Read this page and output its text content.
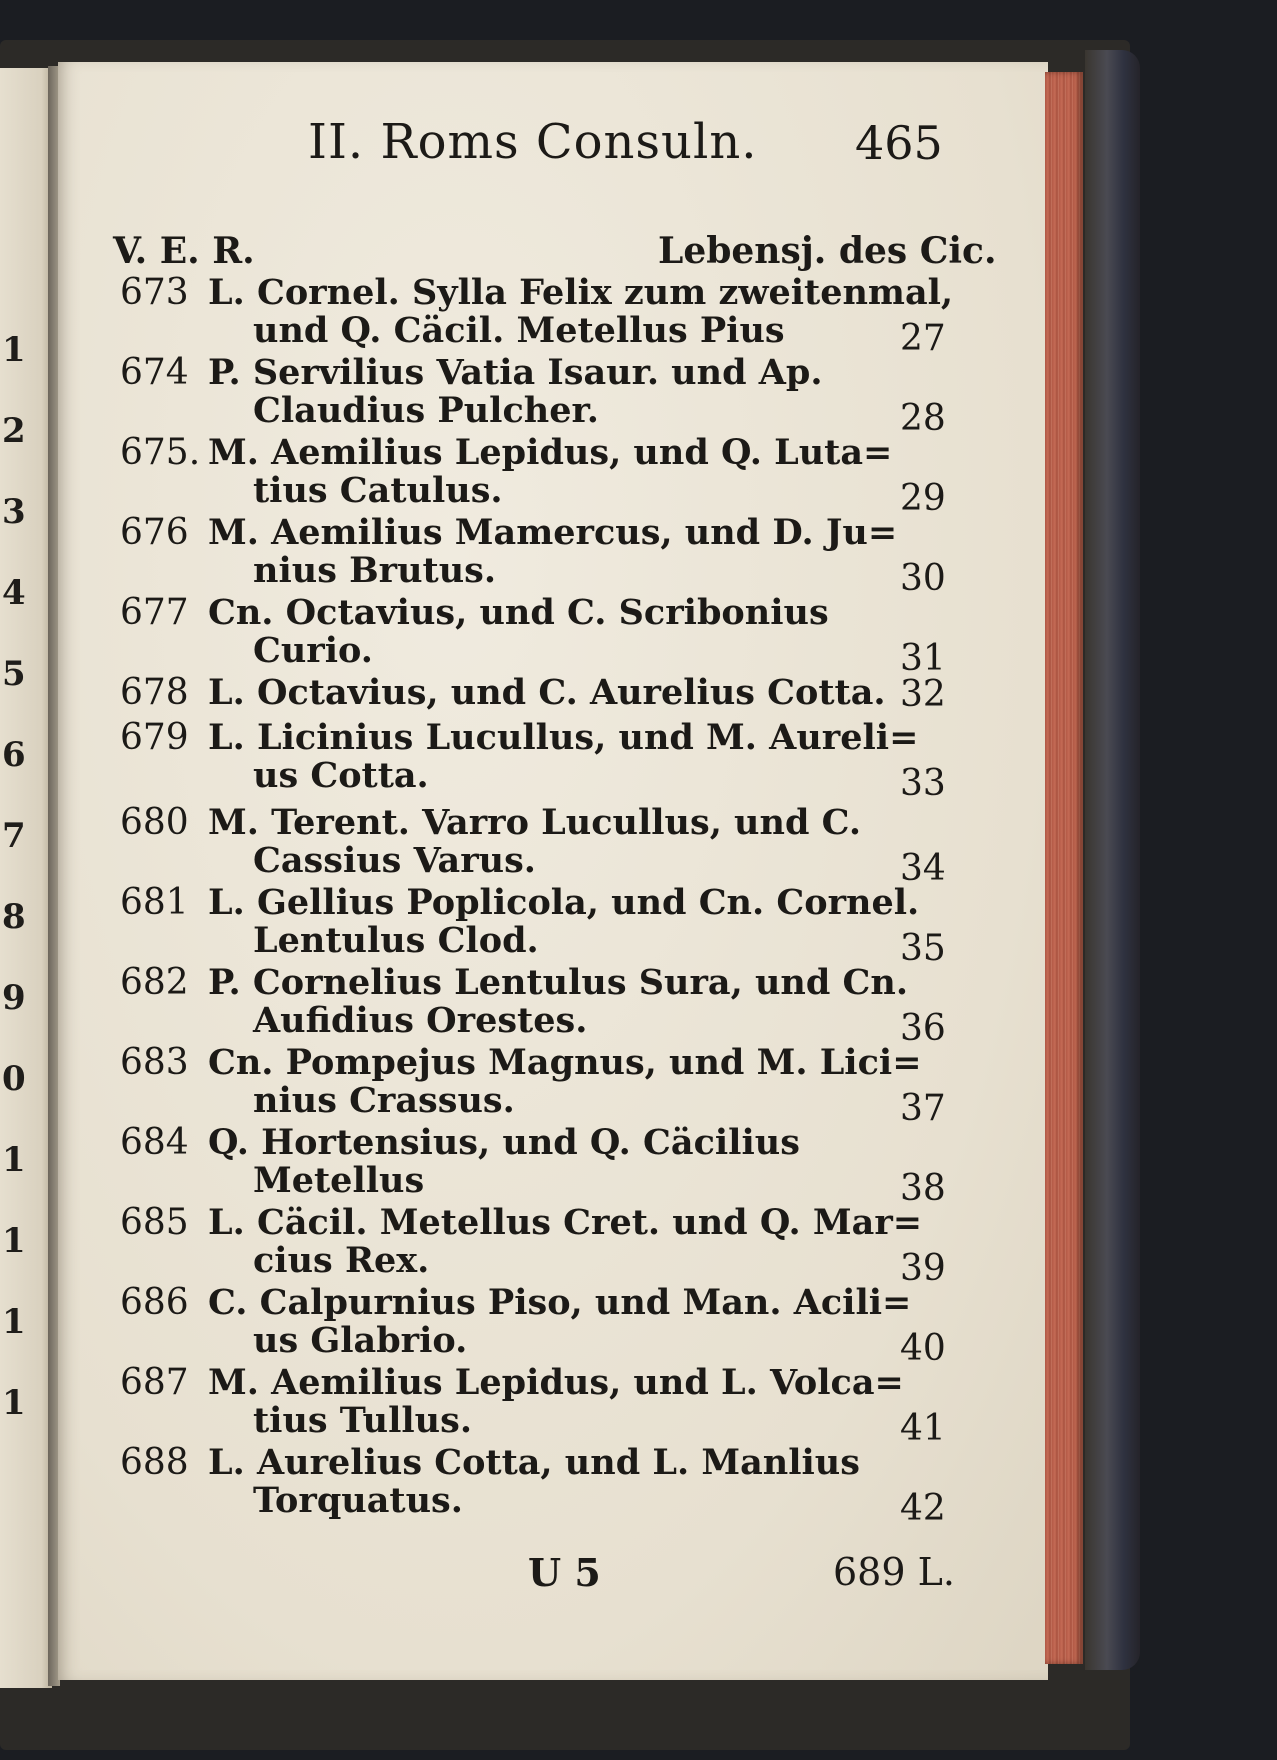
1
2
3
4
5
6
7
8
9
0
1
1
1
1
II. Roms Consuln. 465
V. E. R.	Lebensj. des Cic.
673 L. Cornel. Sylla Felix zum zweitenmal,
und Q. Cäcil. Metellus Pius	27
674 P. Servilius Vatia Isaur. und Ap.
Claudius Pulcher.	28
675. M. Aemilius Lepidus, und Q. Luta=
tius Catulus.	29
676 M. Aemilius Mamercus, und D. Ju=
nius Brutus.	30
677 Cn. Octavius, und C. Scribonius
Curio.	31
678 L. Octavius, und C. Aurelius Cotta. 32
679 L. Licinius Lucullus, und M. Aureli=
us Cotta.	33
680 M. Terent. Varro Lucullus, und C.
Cassius Varus.	34
681 L. Gellius Poplicola, und Cn. Cornel.
Lentulus Clod.	35
682 P. Cornelius Lentulus Sura, und Cn.
Aufidius Orestes.	36
683 Cn. Pompejus Magnus, und M. Lici=
nius Crassus.	37
684 Q. Hortensius, und Q. Cäcilius
Metellus	38
685 L. Cäcil. Metellus Cret. und Q. Mar=
cius Rex.	39
686 C. Calpurnius Piso, und Man. Acili=
us Glabrio.	40
687 M. Aemilius Lepidus, und L. Volca=
tius Tullus.	41
688 L. Aurelius Cotta, und L. Manlius
Torquatus.	42
U 5	689 L.
